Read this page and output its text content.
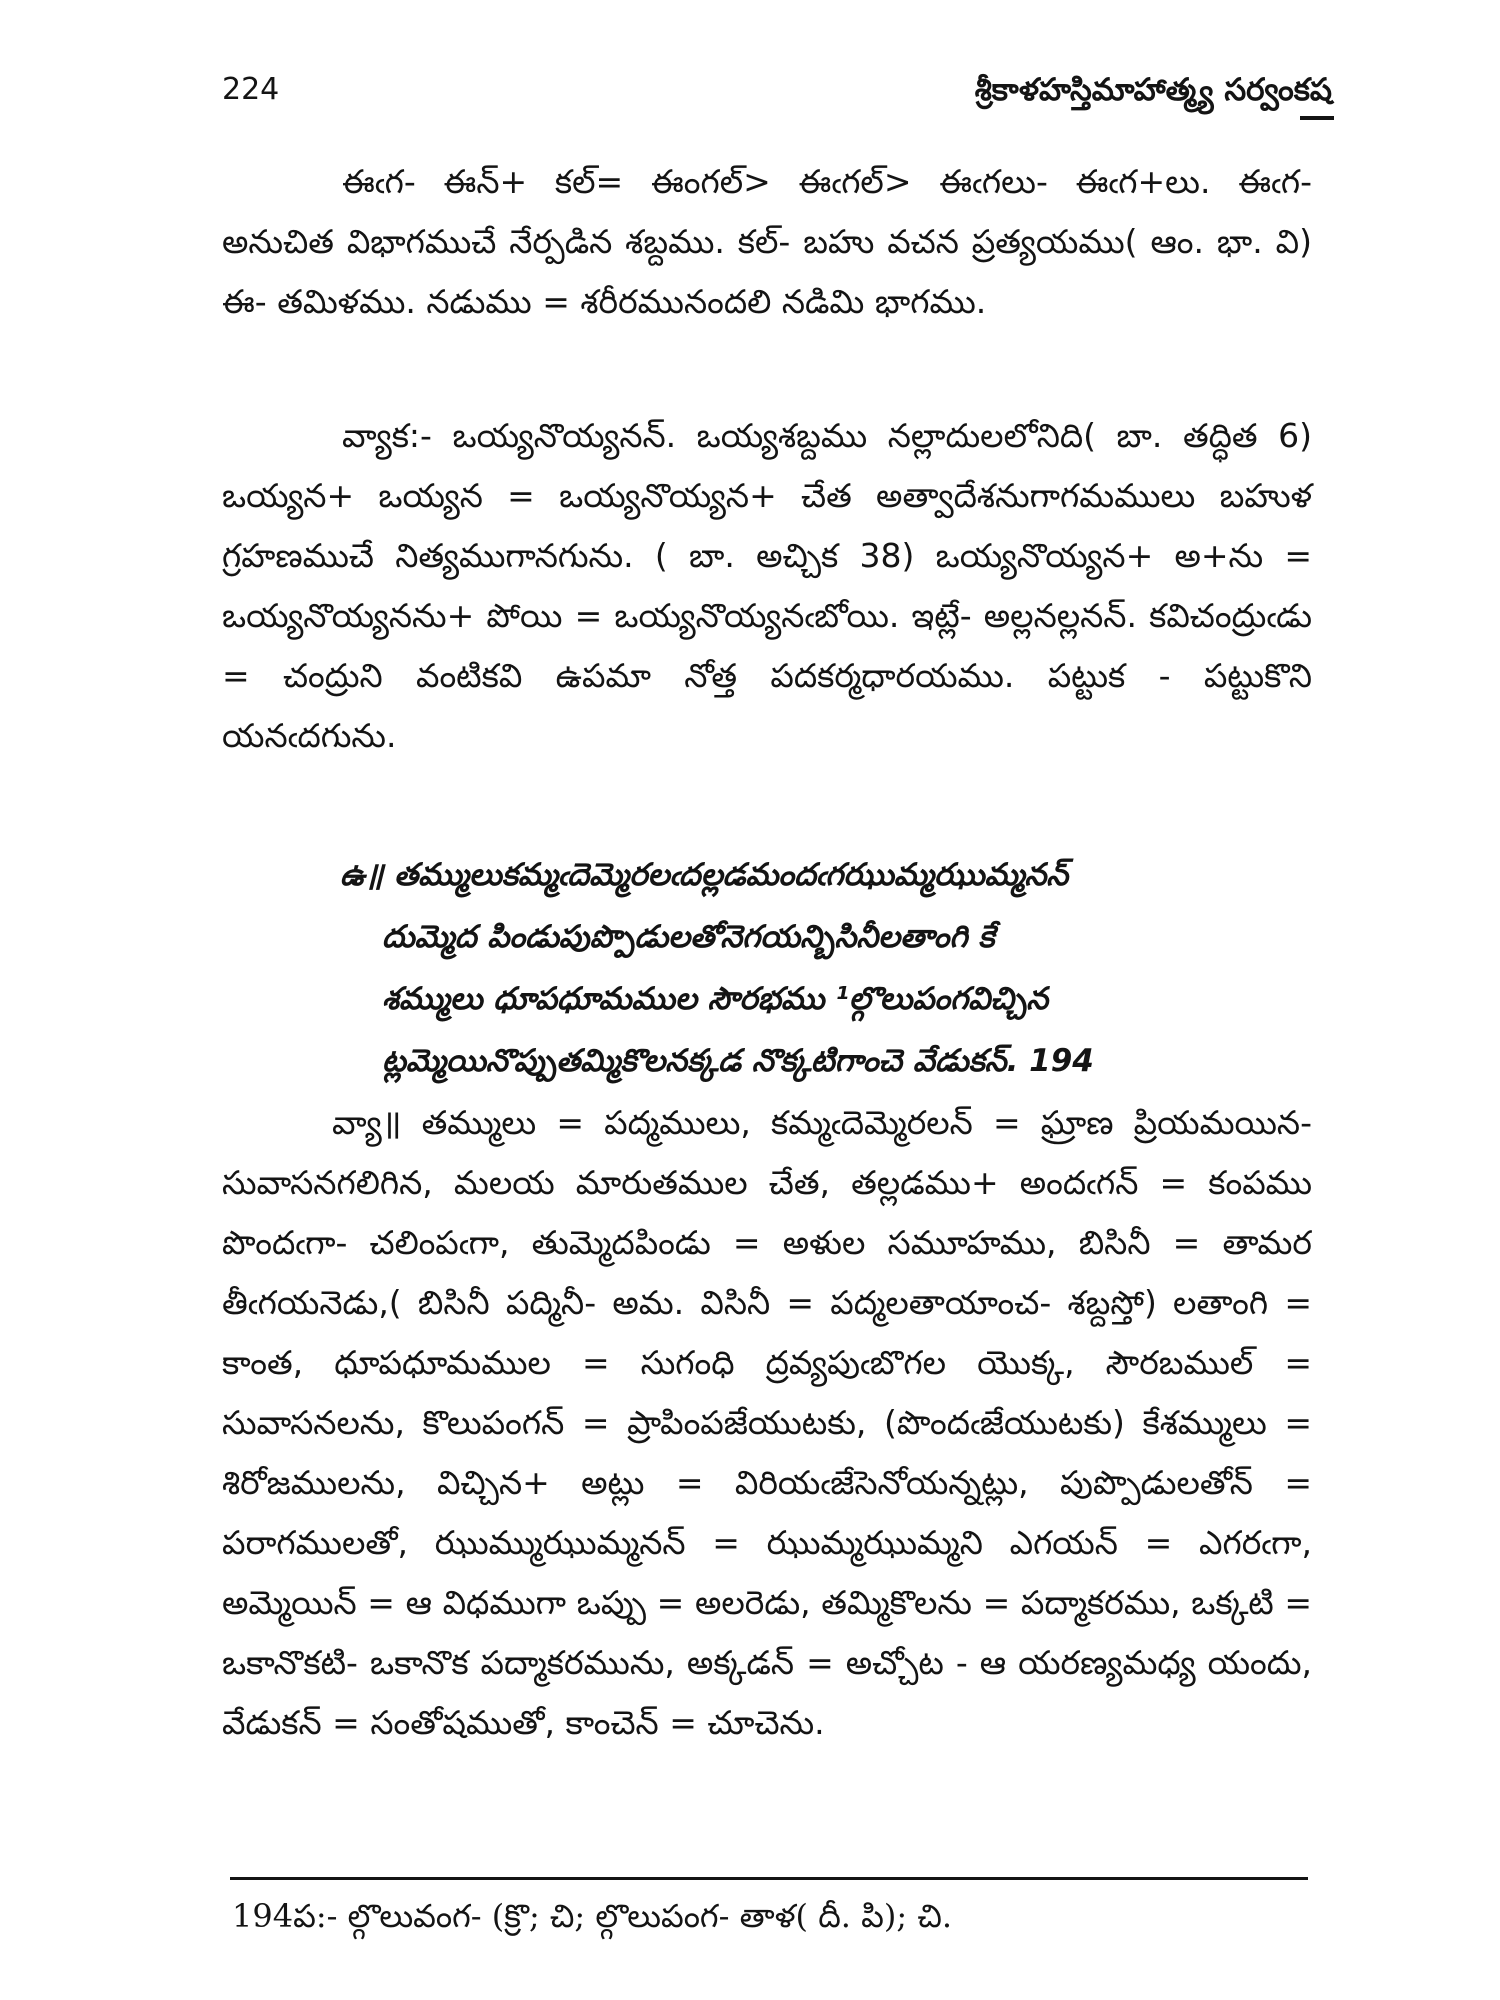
224	శ్రీకాళహస్తిమాహాత్మ్య సర్వంకష

ఈఁగ- ఈన్+ కల్= ఈంగల్> ఈఁగల్> ఈఁగలు- ఈఁగ+లు. ఈఁగ- అనుచిత విభాగముచే నేర్పడిన శబ్దము. కల్- బహు వచన ప్రత్యయము( ఆం. భా. వి) ఈ- తమిళము. నడుము = శరీరమునందలి నడిమి భాగము.

వ్యాక:- ఒయ్యనొయ్యనన్. ఒయ్యశబ్దము నల్లాదులలోనిది( బా. తద్ధిత 6) ఒయ్యన+ ఒయ్యన = ఒయ్యనొయ్యన+ చేత అత్వాదేశనుగాగమములు బహుళ గ్రహణముచే నిత్యముగానగును. ( బా. అచ్చిక 38) ఒయ్యనొయ్యన+ అ+ను = ఒయ్యనొయ్యనను+ పోయి = ఒయ్యనొయ్యనఁబోయి. ఇట్లే- అల్లనల్లనన్. కవిచంద్రుఁడు = చంద్రుని వంటికవి ఉపమా నోత్త పదకర్మధారయము. పట్టుక - పట్టుకొని యనఁదగును.

ఉ॥ తమ్ములుకమ్మఁదెమ్మెరలఁదల్లడమందఁగఝుమ్మఝుమ్మనన్
దుమ్మెద పిండుపుప్పొడులతోనెగయన్బిసినీలతాంగి కే
శమ్ములు ధూపధూమముల సౌరభము ¹ల్గొలుపంగవిచ్చిన
ట్లమ్మెయినొప్పుతమ్మికొలనక్కడ నొక్కటిగాంచె వేడుకన్. 194

వ్యా॥ తమ్ములు = పద్మములు, కమ్మఁదెమ్మెరలన్ = ఘ్రాణ ప్రియమయిన- సువాసనగలిగిన, మలయ మారుతముల చేత, తల్లడము+ అందఁగన్ = కంపము పొందఁగా- చలింపఁగా, తుమ్మెదపిండు = అళుల సమూహము, బిసినీ = తామర తీఁగయనెడు,( బిసినీ పద్మినీ- అమ. విసినీ = పద్మలతాయాంచ- శబ్దస్తో) లతాంగి = కాంత, ధూపధూమముల = సుగంధి ద్రవ్యపుఁబొగల యొక్క, సౌరబముల్ = సువాసనలను, కొలుపంగన్ = ప్రాపింపజేయుటకు, (పొందఁజేయుటకు) కేశమ్ములు = శిరోజములను, విచ్చిన+ అట్లు = విరియఁజేసెనోయన్నట్లు, పుప్పొడులతోన్ = పరాగములతో, ఝుమ్ముఝుమ్మనన్ = ఝుమ్మఝుమ్మని ఎగయన్ = ఎగరఁగా, అమ్మెయిన్ = ఆ విధముగా ఒప్పు = అలరెడు, తమ్మికొలను = పద్మాకరము, ఒక్కటి = ఒకానొకటి- ఒకానొక పద్మాకరమును, అక్కడన్ = అచ్చోట - ఆ యరణ్యమధ్య యందు, వేడుకన్ = సంతోషముతో, కాంచెన్ = చూచెను.

194ప:- ల్గొలువంగ- (క్రొ; చి; ల్గొలుపంగ- తాళ( దీ. పి); చి.
